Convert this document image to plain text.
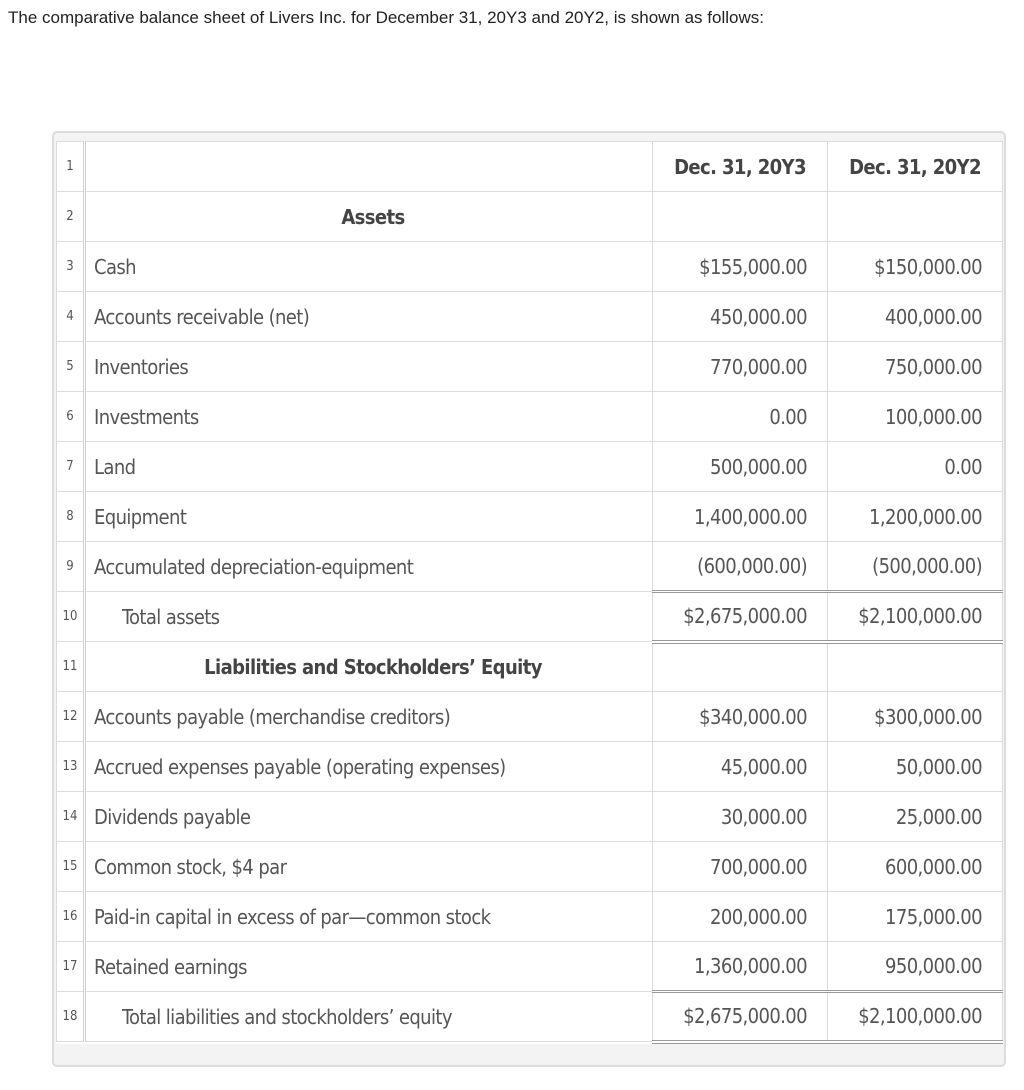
The comparative balance sheet of Livers Inc. for December 31, 20Y3 and 20Y2, is shown as follows:
1		Dec. 31, 20Y3	Dec. 31, 20Y2
2	Assets		
3	Cash	$155,000.00	$150,000.00
4	Accounts receivable (net)	450,000.00	400,000.00
5	Inventories	770,000.00	750,000.00
6	Investments	0.00	100,000.00
7	Land	500,000.00	0.00
8	Equipment	1,400,000.00	1,200,000.00
9	Accumulated depreciation-equipment	(600,000.00)	(500,000.00)
10	Total assets	$2,675,000.00	$2,100,000.00
11	Liabilities and Stockholders’ Equity		
12	Accounts payable (merchandise creditors)	$340,000.00	$300,000.00
13	Accrued expenses payable (operating expenses)	45,000.00	50,000.00
14	Dividends payable	30,000.00	25,000.00
15	Common stock, $4 par	700,000.00	600,000.00
16	Paid-in capital in excess of par—common stock	200,000.00	175,000.00
17	Retained earnings	1,360,000.00	950,000.00
18	Total liabilities and stockholders’ equity	$2,675,000.00	$2,100,000.00
